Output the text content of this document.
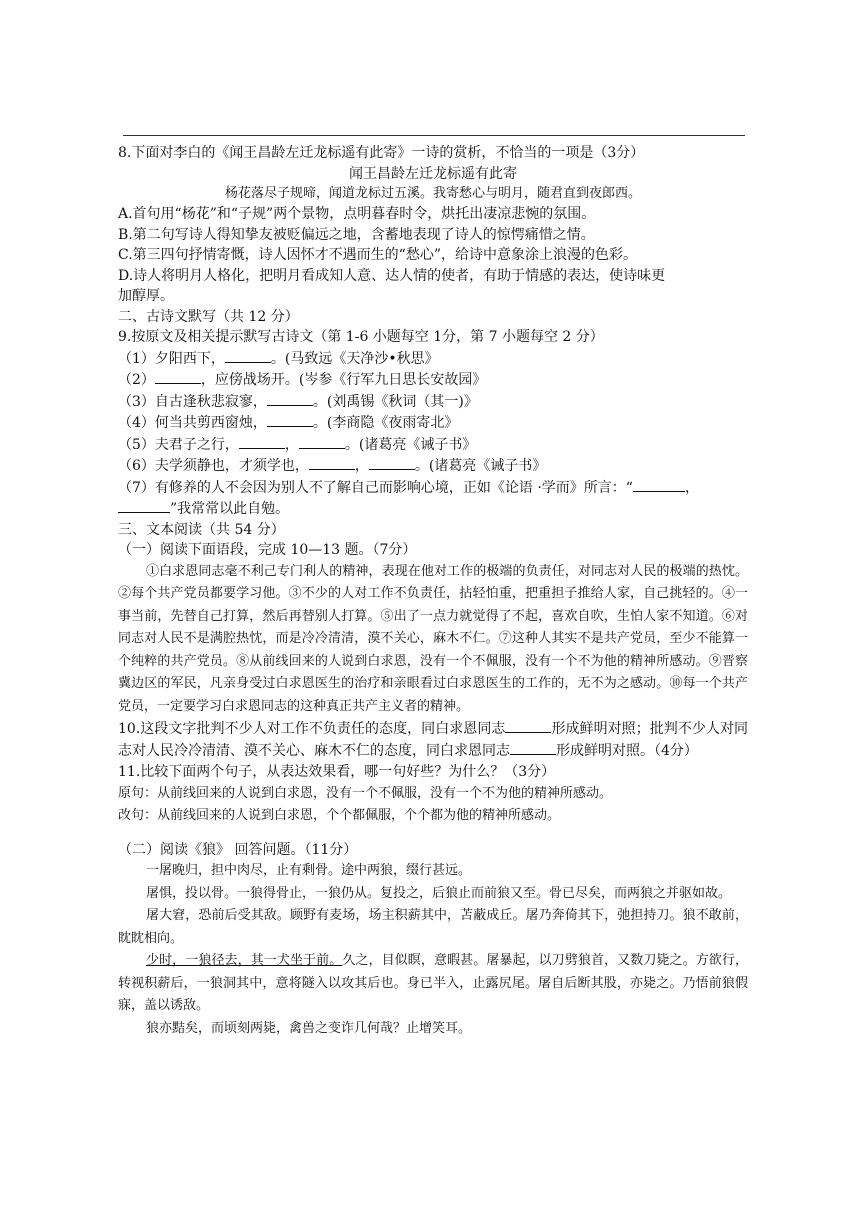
8.下面对李白的《闻王昌龄左迁龙标遥有此寄》一诗的赏析，不恰当的一项是（3分）

闻王昌龄左迁龙标遥有此寄

杨花落尽子规啼，闻道龙标过五溪。我寄愁心与明月，随君直到夜郎西。

A.首句用“杨花”和“子规”两个景物，点明暮春时令，烘托出凄凉悲惋的氛围。

B.第二句写诗人得知挚友被贬偏远之地，含蓄地表现了诗人的惊愕痛惜之情。

C.第三四句抒情寄慨，诗人因怀才不遇而生的“愁心”，给诗中意象涂上浪漫的色彩。

D.诗人将明月人格化，把明月看成知人意、达人情的使者，有助于情感的表达，使诗味更

加醇厚。

二、古诗文默写（共 12 分）

9.按原文及相关提示默写古诗文（第 1-6 小题每空 1分，第 7 小题每空 2 分）

（1）夕阳西下，	。(马致远《天净沙•秋思》

（2）	，应傍战场开。(岑参《行军九日思长安故园》

（3）自古逢秋悲寂寥，	。(刘禹锡《秋词（其一)》

（4）何当共剪西窗烛，	。(李商隐《夜雨寄北》

（5）夫君子之行，	，	。(诸葛亮《诫子书》

（6）夫学须静也，才须学也，	，	。(诸葛亮《诫子书》

（7）有修养的人不会因为别人不了解自己而影响心境，正如《论语 ·学而》所言：“	，

”我常常以此自勉。

三、文本阅读（共 54 分）

（一）阅读下面语段，完成 10—13 题。（7分）

①白求恩同志毫不利己专门利人的精神，表现在他对工作的极端的负责任，对同志对人民的极端的热忱。②每个共产党员都要学习他。③不少的人对工作不负责任，拈轻怕重，把重担子推给人家，自己挑轻的。④一事当前，先替自己打算，然后再替别人打算。⑤出了一点力就觉得了不起，喜欢自吹，生怕人家不知道。⑥对同志对人民不是满腔热忱，而是冷冷清清，漠不关心，麻木不仁。⑦这种人其实不是共产党员，至少不能算一个纯粹的共产党员。⑧从前线回来的人说到白求恩，没有一个不佩服，没有一个不为他的精神所感动。⑨晋察冀边区的军民，凡亲身受过白求恩医生的治疗和亲眼看过白求恩医生的工作的，无不为之感动。⑩每一个共产党员，一定要学习白求恩同志的这种真正共产主义者的精神。

10.这段文字批判不少人对工作不负责任的态度，同白求恩同志	形成鲜明对照；批判不少人对同志对人民冷冷清清、漠不关心、麻木不仁的态度，同白求恩同志	形成鲜明对照。（4分）

11.比较下面两个句子，从表达效果看，哪一句好些？为什么？（3分）

原句：从前线回来的人说到白求恩，没有一个不佩服，没有一个不为他的精神所感动。

改句：从前线回来的人说到白求恩，个个都佩服，个个都为他的精神所感动。

（二）阅读《狼》 回答问题。（11分）

一屠晚归，担中肉尽，止有剩骨。途中两狼，缀行甚远。

屠惧，投以骨。一狼得骨止，一狼仍从。复投之，后狼止而前狼又至。骨已尽矣，而两狼之并驱如故。

屠大窘，恐前后受其敌。顾野有麦场，场主积薪其中，苫蔽成丘。屠乃奔倚其下，弛担持刀。狼不敢前，眈眈相向。

少时，一狼径去，其一犬坐于前。久之，目似瞑，意暇甚。屠暴起，以刀劈狼首，又数刀毙之。方欲行，转视积薪后，一狼洞其中，意将隧入以攻其后也。身已半入，止露尻尾。屠自后断其股，亦毙之。乃悟前狼假寐，盖以诱敌。

狼亦黠矣，而顷刻两毙，禽兽之变诈几何哉？止增笑耳。
